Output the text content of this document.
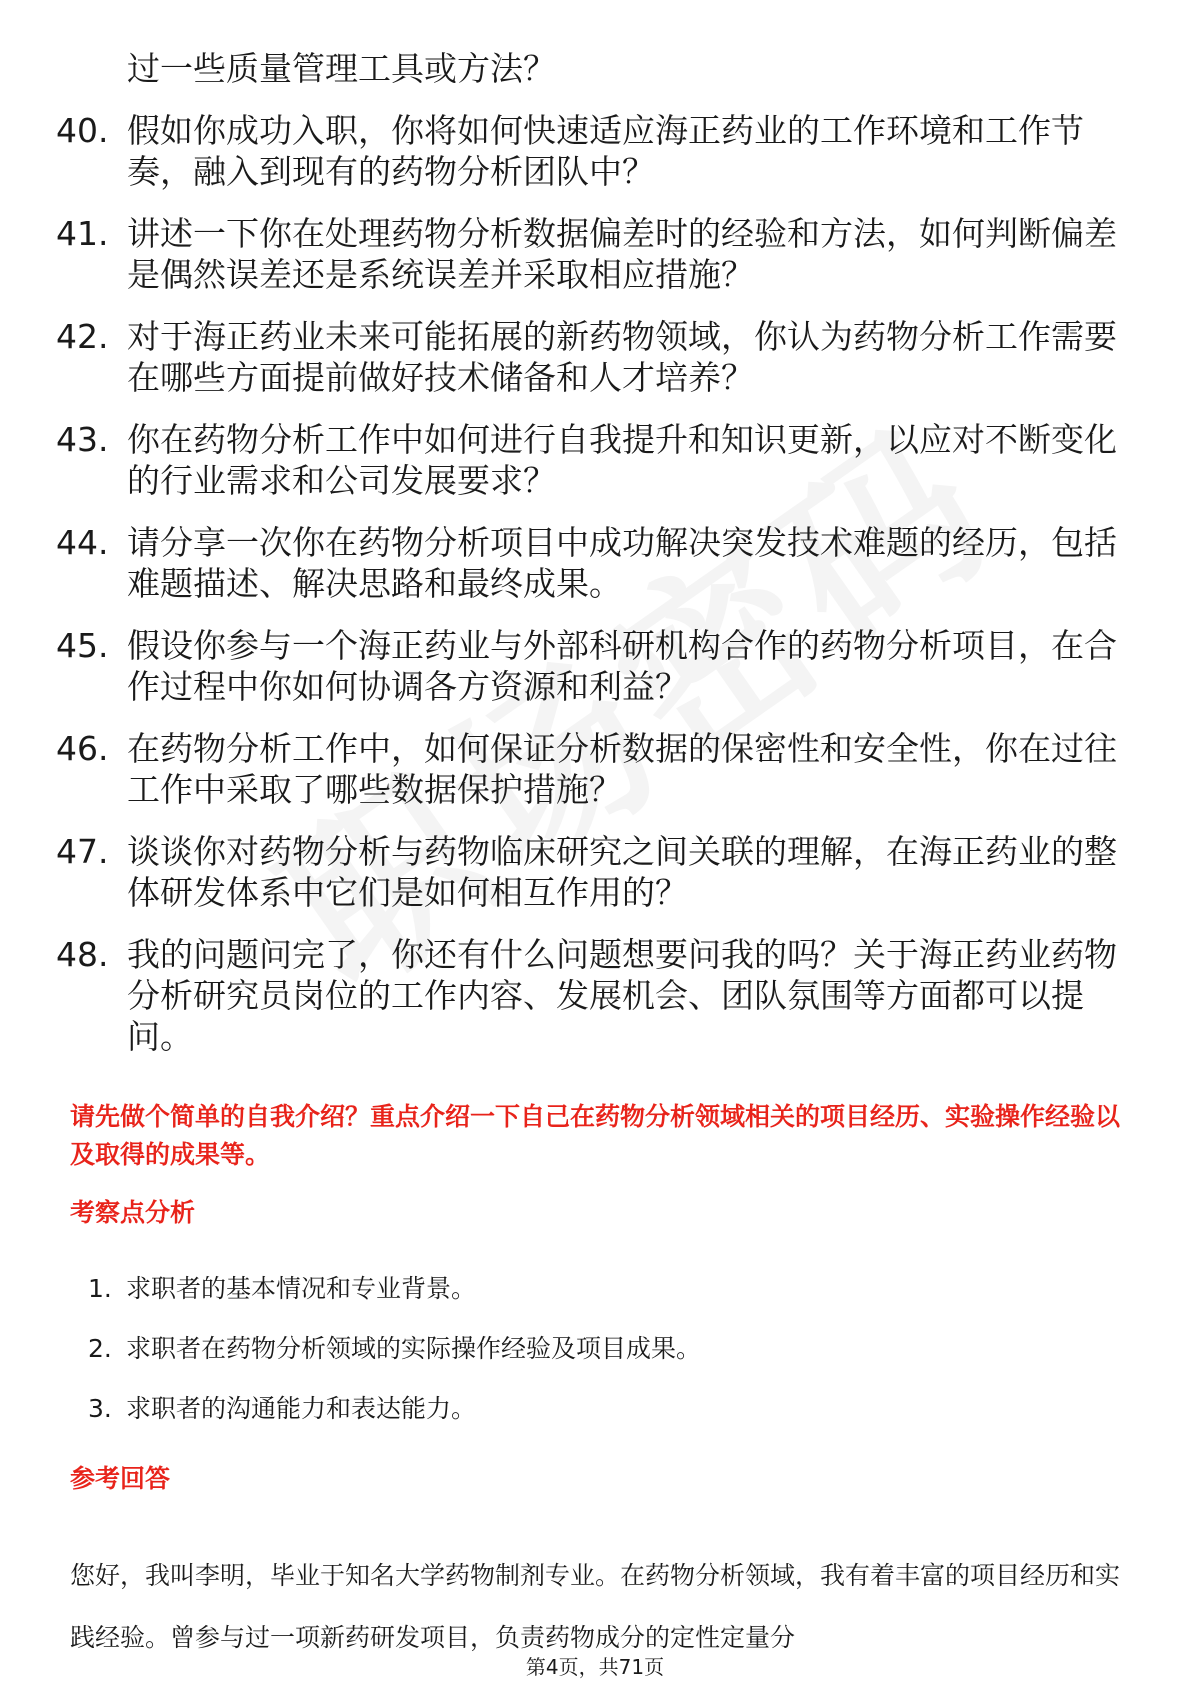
过一些质量管理工具或方法？
40. 假如你成功入职，你将如何快速适应海正药业的工作环境和工作节奏，融入到现有的药物分析团队中？
41. 讲述一下你在处理药物分析数据偏差时的经验和方法，如何判断偏差是偶然误差还是系统误差并采取相应措施？
42. 对于海正药业未来可能拓展的新药物领域，你认为药物分析工作需要在哪些方面提前做好技术储备和人才培养？
43. 你在药物分析工作中如何进行自我提升和知识更新，以应对不断变化的行业需求和公司发展要求？
44. 请分享一次你在药物分析项目中成功解决突发技术难题的经历，包括难题描述、解决思路和最终成果。
45. 假设你参与一个海正药业与外部科研机构合作的药物分析项目，在合作过程中你如何协调各方资源和利益？
46. 在药物分析工作中，如何保证分析数据的保密性和安全性，你在过往工作中采取了哪些数据保护措施？
47. 谈谈你对药物分析与药物临床研究之间关联的理解，在海正药业的整体研发体系中它们是如何相互作用的？
48. 我的问题问完了，你还有什么问题想要问我的吗？关于海正药业药物分析研究员岗位的工作内容、发展机会、团队氛围等方面都可以提问。
请先做个简单的自我介绍？重点介绍一下自己在药物分析领域相关的项目经历、实验操作经验以及取得的成果等。
考察点分析
1. 求职者的基本情况和专业背景。
2. 求职者在药物分析领域的实际操作经验及项目成果。
3. 求职者的沟通能力和表达能力。
参考回答
您好，我叫李明，毕业于知名大学药物制剂专业。在药物分析领域，我有着丰富的项目经历和实践经验。曾参与过一项新药研发项目，负责药物成分的定性定量分
第4页，共71页
